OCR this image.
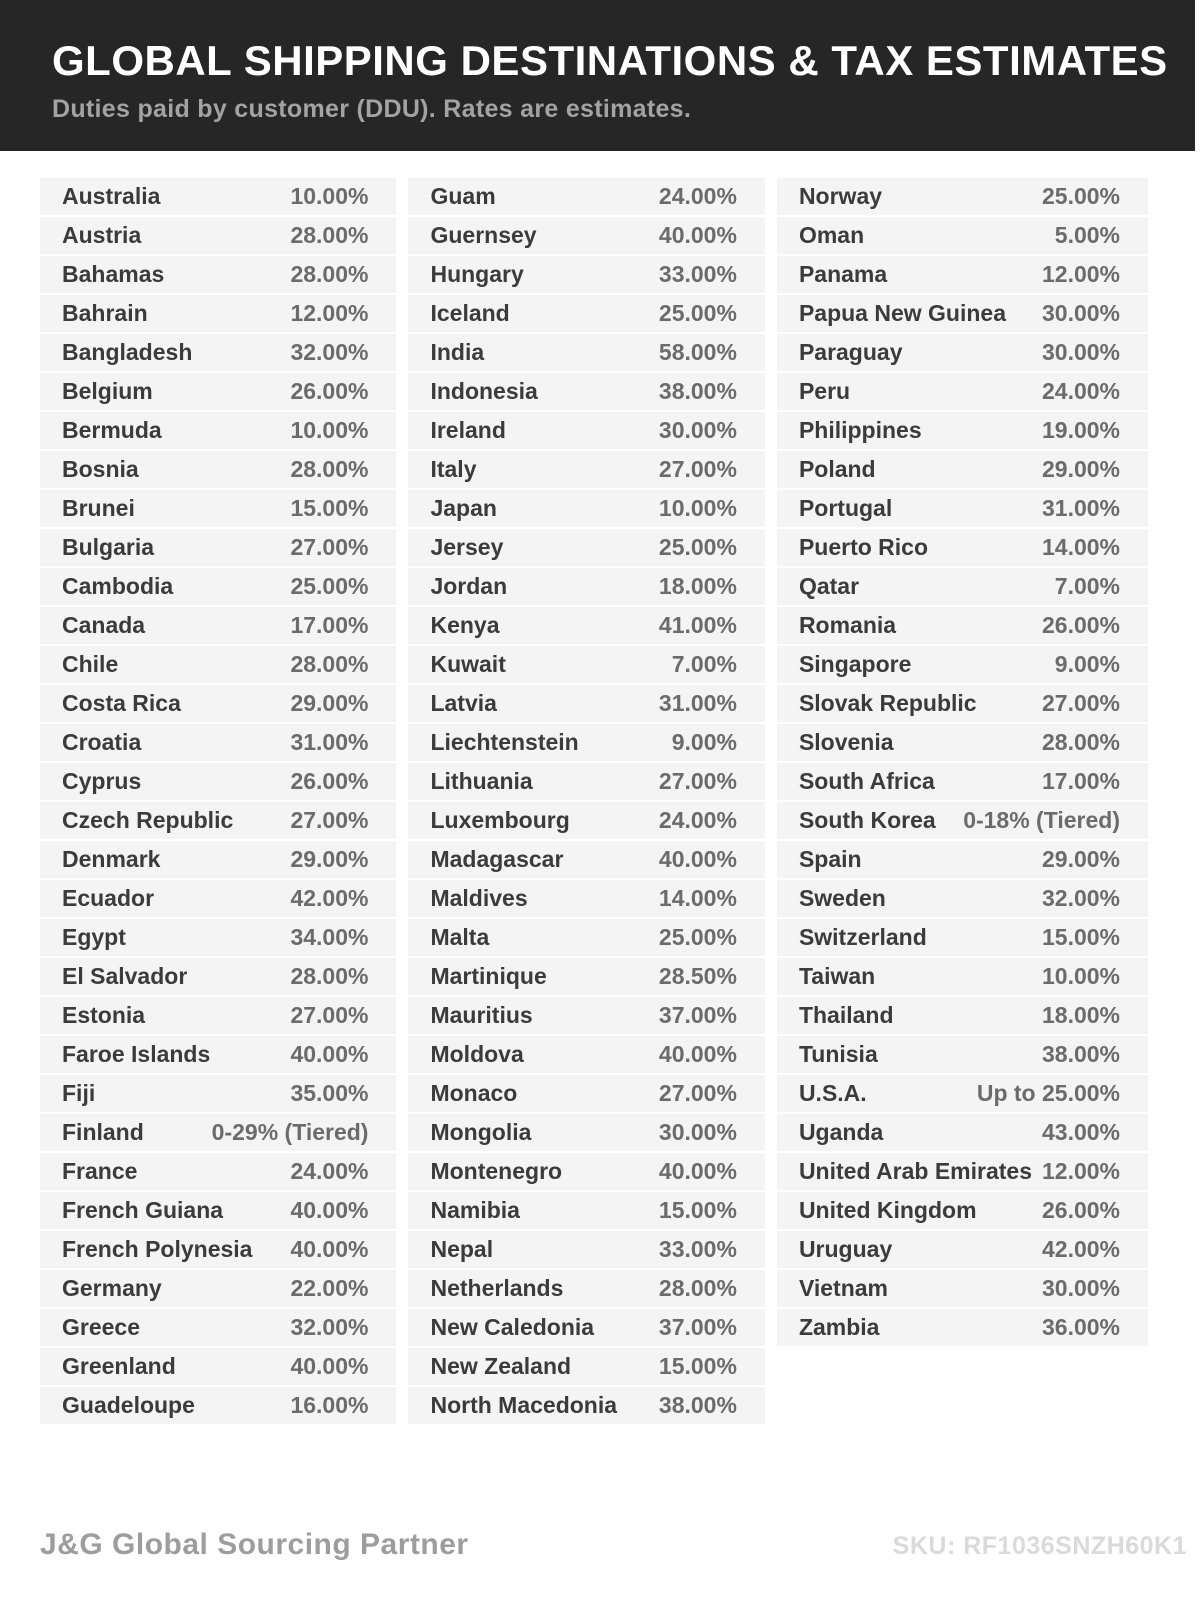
GLOBAL SHIPPING DESTINATIONS & TAX ESTIMATES

Duties paid by customer (DDU). Rates are estimates.

Australia	10.00%
Austria	28.00%
Bahamas	28.00%
Bahrain	12.00%
Bangladesh	32.00%
Belgium	26.00%
Bermuda	10.00%
Bosnia	28.00%
Brunei	15.00%
Bulgaria	27.00%
Cambodia	25.00%
Canada	17.00%
Chile	28.00%
Costa Rica	29.00%
Croatia	31.00%
Cyprus	26.00%
Czech Republic 27.00%
Denmark	29.00%
Ecuador	42.00%
Egypt	34.00%
El Salvador	28.00%
Estonia	27.00%
Faroe Islands	40.00%
Fiji	35.00%
Finland	0-29% (Tiered)
France	24.00%
French Guiana	40.00%
French Polynesia 40.00%
Germany	22.00%
Greece	32.00%
Greenland	40.00%
Guadeloupe	16.00%
Guam	24.00%
Guernsey	40.00%
Hungary	33.00%
Iceland	25.00%
India	58.00%
Indonesia	38.00%
Ireland	30.00%
Italy	27.00%
Japan	10.00%
Jersey	25.00%
Jordan	18.00%
Kenya	41.00%
Kuwait	7.00%
Latvia	31.00%
Liechtenstein	9.00%
Lithuania	27.00%
Luxembourg	24.00%
Madagascar	40.00%
Maldives	14.00%
Malta	25.00%
Martinique	28.50%
Mauritius	37.00%
Moldova	40.00%
Monaco	27.00%
Mongolia	30.00%
Montenegro	40.00%
Namibia	15.00%
Nepal	33.00%
Netherlands	28.00%
New Caledonia	37.00%
New Zealand	15.00%
North Macedonia 38.00%
Norway	25.00%
Oman	5.00%
Panama	12.00%
Papua New Guinea 30.00%
Paraguay	30.00%
Peru	24.00%
Philippines	19.00%
Poland	29.00%
Portugal	31.00%
Puerto Rico	14.00%
Qatar	7.00%
Romania	26.00%
Singapore	9.00%
Slovak Republic	27.00%
Slovenia	28.00%
South Africa	17.00%
South Korea 0-18% (Tiered)
Spain	29.00%
Sweden	32.00%
Switzerland	15.00%
Taiwan	10.00%
Thailand	18.00%
Tunisia	38.00%
U.S.A.	Up to 25.00%
Uganda	43.00%
United Arab Emirates 12.00%
United Kingdom	26.00%
Uruguay	42.00%
Vietnam	30.00%
Zambia	36.00%
J&G Global Sourcing Partner	SKU: RF1036SNZH60K1
